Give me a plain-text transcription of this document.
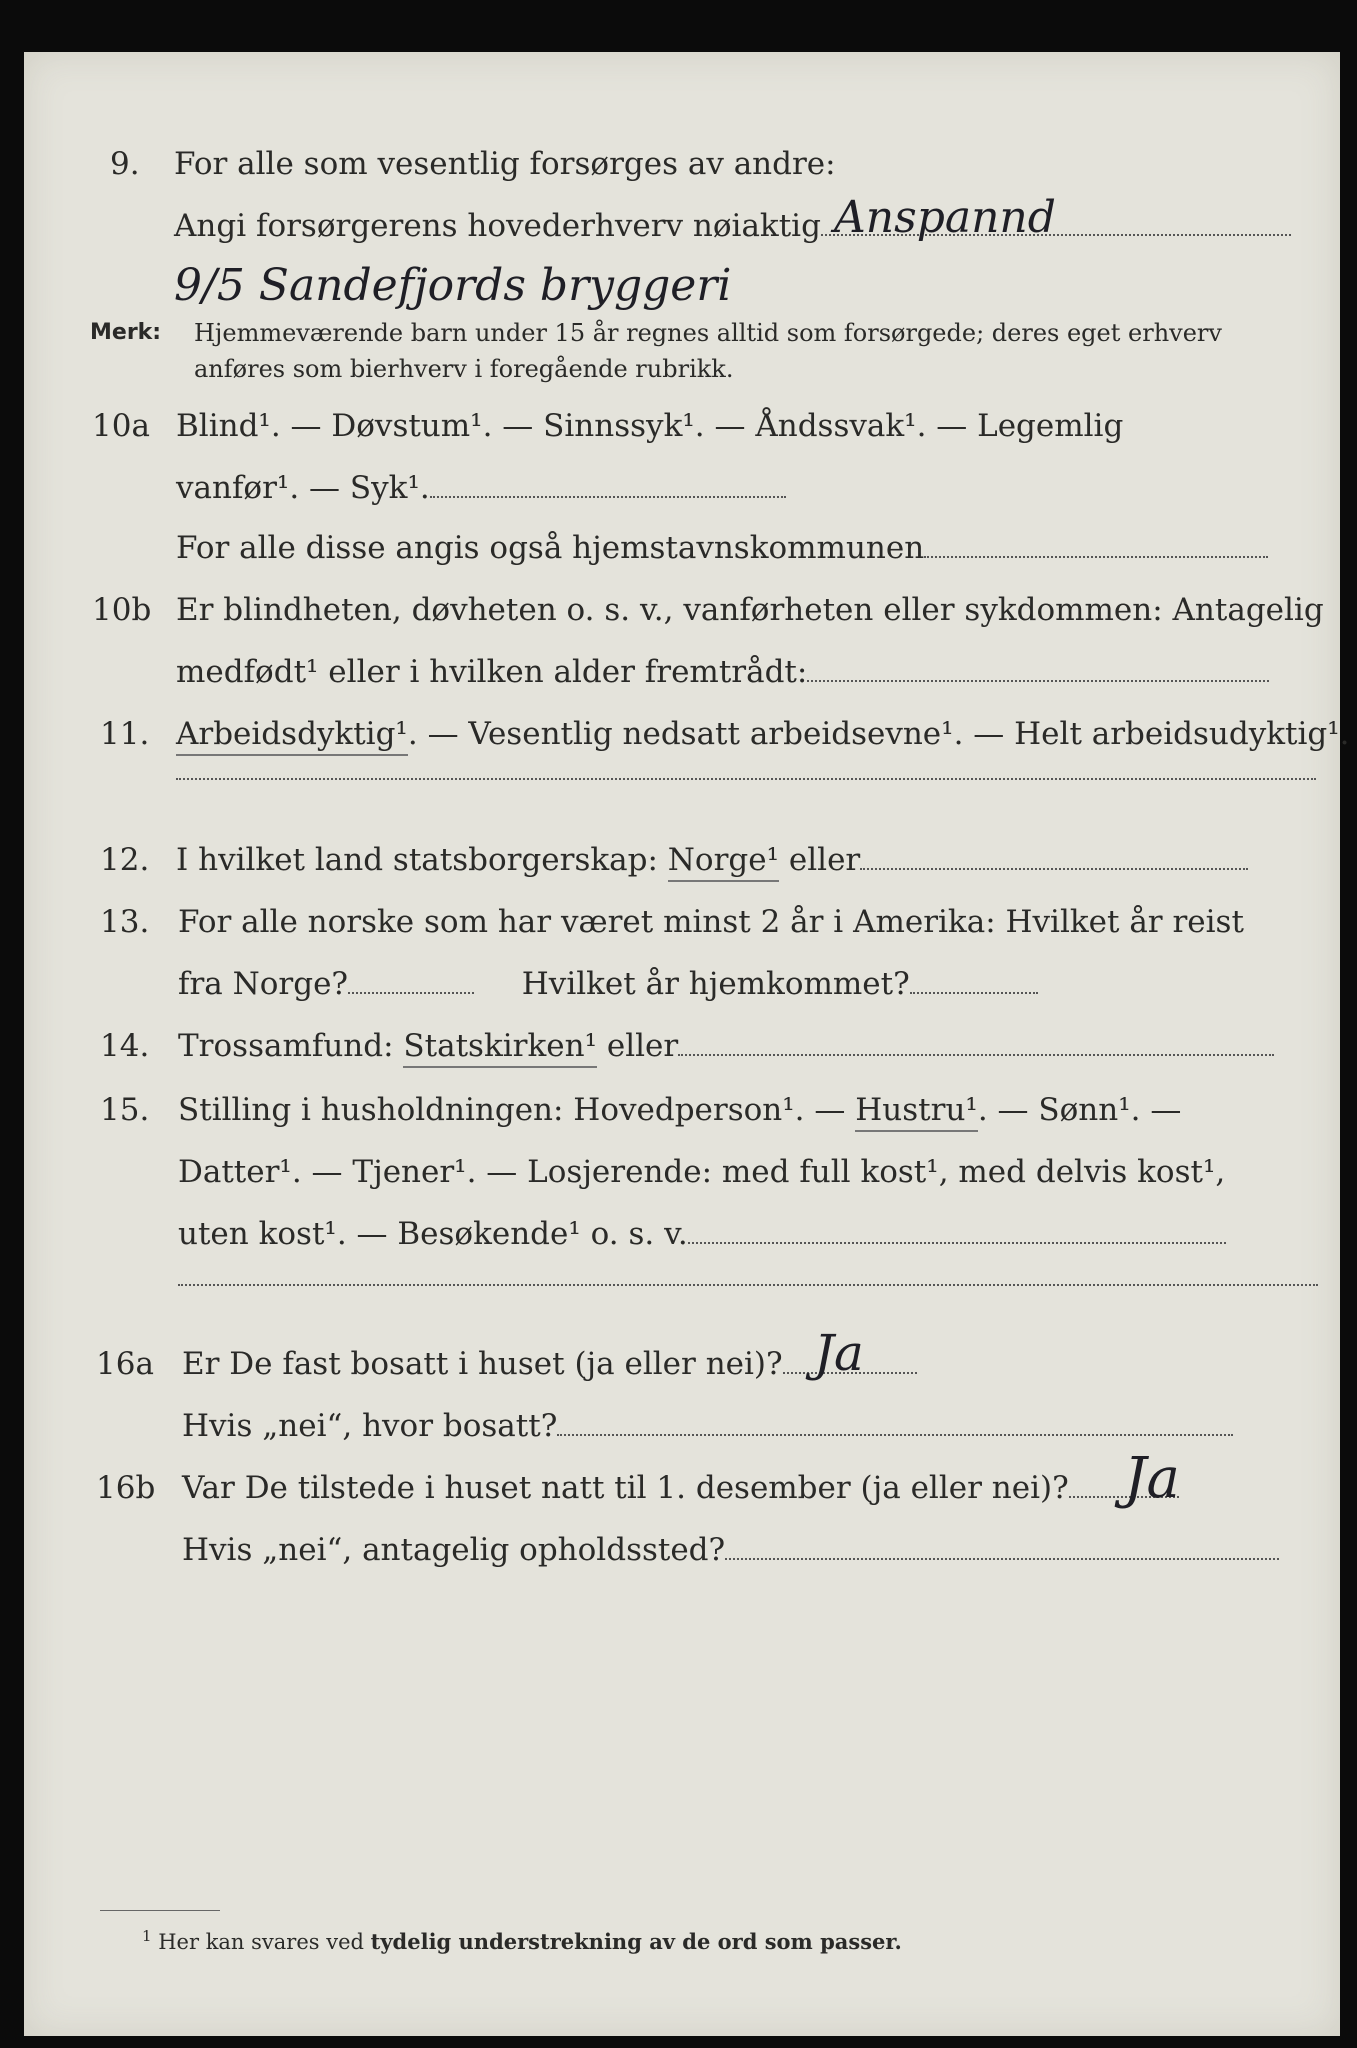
9. For alle som vesentlig forsørges av andre:
Angi forsørgerens hovederhverv nøiaktig Anspannd
9/5 Sandefjords bryggeri
Merk: Hjemmeværende barn under 15 år regnes alltid som forsørgede; deres eget erhverv
anføres som bierhverv i foregående rubrikk.
10a Blind¹. — Døvstum¹. — Sinnssyk¹. — Åndssvak¹. — Legemlig
vanfør¹. — Syk¹.
For alle disse angis også hjemstavnskommunen
10b Er blindheten, døvheten o. s. v., vanførheten eller sykdommen: Antagelig
medfødt¹ eller i hvilken alder fremtrådt:
11. Arbeidsdyktig¹. — Vesentlig nedsatt arbeidsevne¹. — Helt arbeidsudyktig¹.
12. I hvilket land statsborgerskap: Norge¹ eller
13. For alle norske som har været minst 2 år i Amerika: Hvilket år reist
fra Norge?	Hvilket år hjemkommet?
14. Trossamfund: Statskirken¹ eller
15. Stilling i husholdningen: Hovedperson¹. — Hustru¹. — Sønn¹. —
Datter¹. — Tjener¹. — Losjerende: med full kost¹, med delvis kost¹,
uten kost¹. — Besøkende¹ o. s. v.
16a Er De fast bosatt i huset (ja eller nei)? Ja
Hvis „nei“, hvor bosatt?
16b Var De tilstede i huset natt til 1. desember (ja eller nei)? Ja
Hvis „nei“, antagelig opholdssted?
$^1$ Her kan svares ved tydelig understrekning av de ord som passer.
